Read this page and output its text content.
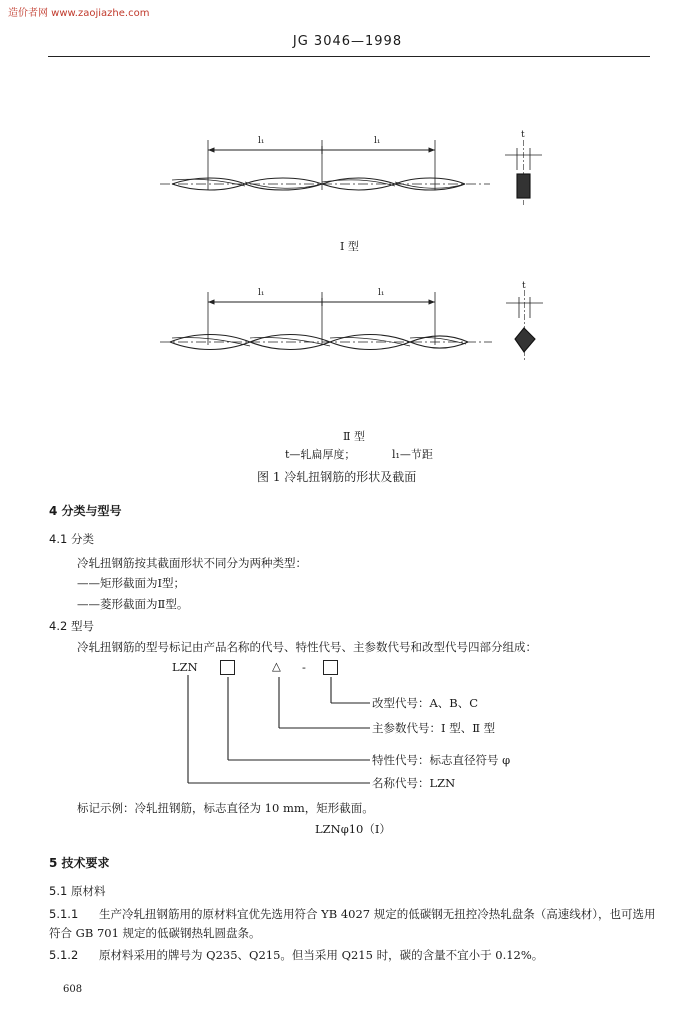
造价者网 www.zaojiazhe.com
JG 3046—1998
l₁	l₁
t
Ⅰ 型
l₁	l₁
t
Ⅱ 型
t—轧扁厚度；	l₁—节距
图 1 冷轧扭钢筋的形状及截面
4 分类与型号
4.1 分类
冷轧扭钢筋按其截面形状不同分为两种类型：
——矩形截面为Ⅰ型；
——菱形截面为Ⅱ型。
4.2 型号
冷轧扭钢筋的型号标记由产品名称的代号、特性代号、主参数代号和改型代号四部分组成：
LZN	△ -
改型代号：A、B、C
主参数代号：Ⅰ 型、Ⅱ 型
特性代号：标志直径符号 φ
名称代号：LZN
标记示例：冷轧扭钢筋，标志直径为 10 mm，矩形截面。
LZNφ10（Ⅰ）
5 技术要求
5.1 原材料
5.1.1	生产冷轧扭钢筋用的原材料宜优先选用符合 YB 4027 规定的低碳钢无扭控冷热轧盘条（高速线材），也可选用符合 GB 701 规定的低碳钢热轧圆盘条。
5.1.2	原材料采用的牌号为 Q235、Q215。但当采用 Q215 时，碳的含量不宜小于 0.12%。
608
